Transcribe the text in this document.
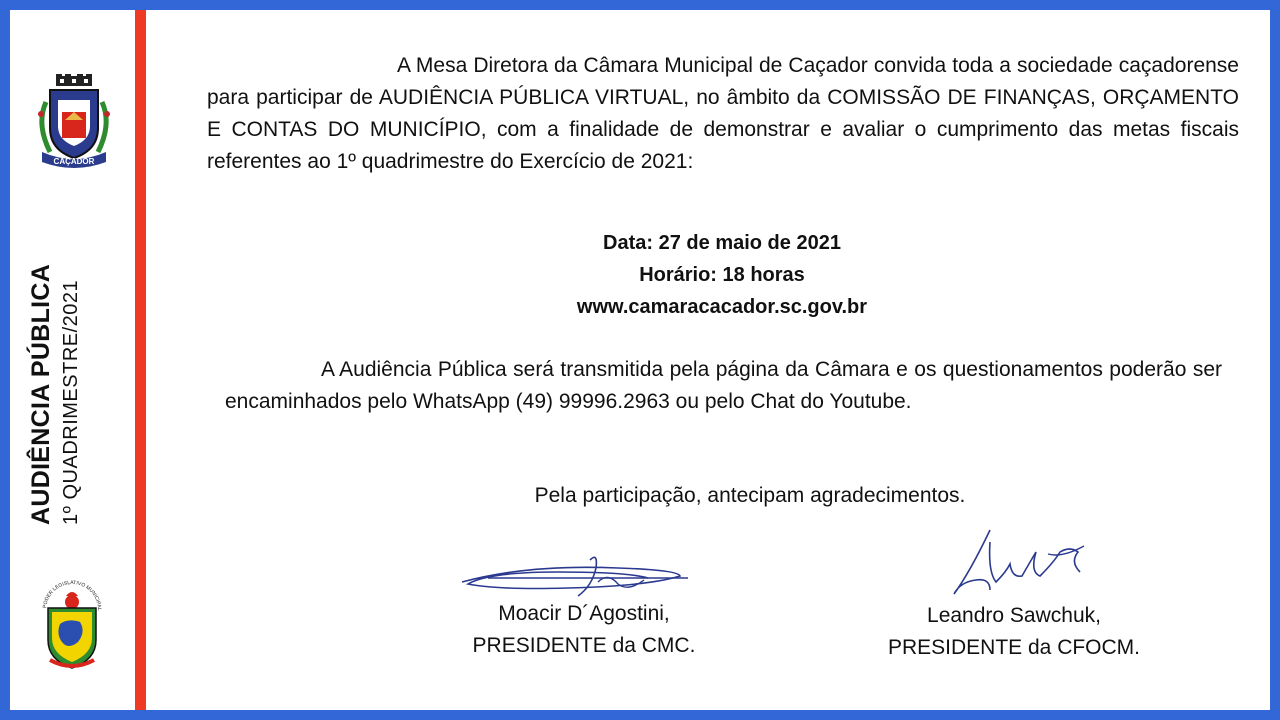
CAÇADOR
AUDIÊNCIA PÚBLICA 1º QUADRIMESTRE/2021
PODER LEGISLATIVO MUNICIPAL

A Mesa Diretora da Câmara Municipal de Caçador convida toda a sociedade caçadorense para participar de AUDIÊNCIA PÚBLICA VIRTUAL, no âmbito da COMISSÃO DE FINANÇAS, ORÇAMENTO E CONTAS DO MUNICÍPIO, com a finalidade de demonstrar e avaliar o cumprimento das metas fiscais referentes ao 1º quadrimestre do Exercício de 2021:

Data: 27 de maio de 2021
Horário: 18 horas
www.camaracacador.sc.gov.br

A Audiência Pública será transmitida pela página da Câmara e os questionamentos poderão ser encaminhados pelo WhatsApp (49) 99996.2963 ou pelo Chat do Youtube.

Pela participação, antecipam agradecimentos.
Moacir D´Agostini,
PRESIDENTE da CMC.
Leandro Sawchuk,
PRESIDENTE da CFOCM.
